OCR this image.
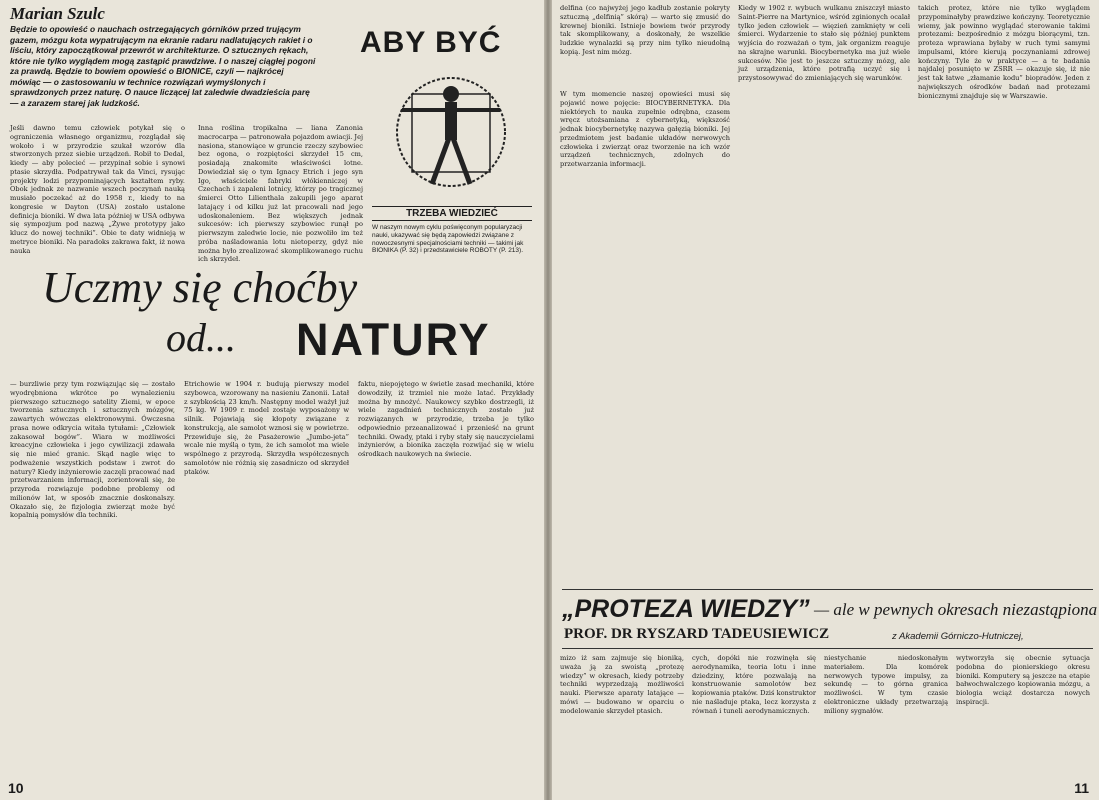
Marian Szulc
Będzie to opowieść o nauchach ostrzegających górników przed trującym gazem, mózgu kota wypatrującym na ekranie radaru nadlatujących rakiet i o liściu, który zapoczątkował przewrót w architekturze. O sztucznych rękach, które nie tylko wyglądem mogą zastąpić prawdziwe. I o naszej ciągłej pogoni za prawdą. Będzie to bowiem opowieść o BIONICE, czyli — najkrócej mówiąc — o zastosowaniu w technice rozwiązań wymyślonych i sprawdzonych przez naturę. O nauce liczącej lat zaledwie dwadzieścia parę — a zarazem starej jak ludzkość.
ABY BYĆ
TRZEBA WIEDZIEĆ
W naszym nowym cyklu poświęconym popularyzacji nauki, ukazywać się będą zapowiedzi związane z nowoczesnymi specjalnościami techniki — takimi jak BIONIKA (P. 32) i przedstawiciele ROBOTY (P. 213).
Jeśli dawno temu człowiek potykał się o ograniczenia własnego organizmu, rozglądał się wokoło i w przyrodzie szukał wzorów dla stworzonych przez siebie urządzeń. Robił to Dedal, kiedy — aby polecieć — przypinał sobie i synowi ptasie skrzydła. Podpatrywał tak da Vinci, rysując projekty lodzi przypominających kształtem ryby. Obok jednak ze nazwanie wszech poczynań nauką musiało poczekać aż do 1958 r., kiedy to na kongresie w Dayton (USA) zostało ustalone definicja bioniki. W dwa lata później w USA odbywa się sympozjum pod nazwą „Żywe prototypy jako klucz do nowej techniki”. Obie te daty widnieją w metryce bioniki. Na paradoks zakrawa fakt, iż nowa nauka
Inna roślina tropikalna — liana Zanonia macrocarpa — patronowała pojazdom awiacji. Jej nasiona, stanowiące w gruncie rzeczy szybowiec bez ogona, o rozpiętości skrzydeł 15 cm, posiadają znakomite właściwości lotne. Dowiedział się o tym Ignacy Etrich i jego syn Igo, właściciele fabryki włókienniczej w Czechach i zapaleni lotnicy, którzy po tragicznej śmierci Otto Lilienthala zakupili jego aparat latający i od kilku już lat pracowali nad jego udoskonaleniem. Bez większych jednak sukcesów: ich pierwszy szybowiec runął po pierwszym zaledwie locie, nie pozwoliło im też próba naśladowania lotu nietoperzy, gdyż nie można było zrealizować skomplikowanego ruchu ich skrzydeł.
Uczmy się choćby
od... NATURY
— burzliwie przy tym rozwiązując się — zostało wyodrębniona wkrótce po wynalezieniu pierwszego sztucznego satelity Ziemi, w epoce tworzenia sztucznych i sztucznych mózgów, zawartych wówczas elektronowymi. Ówczesna prasa nowe odkrycia witała tytułami: „Człowiek zakasował bogów”. Wiara w możliwości kreacyjne człowieka i jego cywilizacji zdawała się nie mieć granic. Skąd nagle więc to podważenie wszystkich podstaw i zwrot do natury? Kiedy inżynierowie zaczęli pracować nad przetwarzaniem informacji, zorientowali się, że przyroda rozwiązuje podobne problemy od milionów lat, w sposób znacznie doskonalszy. Okazało się, że fizjologia zwierząt może być kopalnią pomysłów dla techniki.
Etrichowie w 1904 r. budują pierwszy model szybowca, wzorowany na nasieniu Zanonii. Latał z szybkością 23 km/h. Następny model ważył już 75 kg. W 1909 r. model zostaje wyposażony w silnik. Pojawiają się kłopoty związane z konstrukcją, ale samolot wznosi się w powietrze. Przewiduje się, że Pasażerowie „Jumbo-jeta” wcale nie myślą o tym, że ich samolot ma wiele wspólnego z przyrodą. Skrzydła współczesnych samolotów nie różnią się zasadniczo od skrzydeł ptaków.
faktu, niepojętego w świetle zasad mechaniki, które dowodziły, iż trzmiel nie może latać. Przykłady można by mnożyć. Naukowcy szybko dostrzegli, iż wiele zagadnień technicznych zostało już rozwiązanych w przyrodzie, trzeba je tylko odpowiednio przeanalizować i przenieść na grunt techniki. Owady, ptaki i ryby stały się nauczycielami inżynierów, a bionika zaczęła rozwijać się w wielu ośrodkach naukowych na świecie.
10
delfina (co najwyżej jego kadłub zostanie pokryty sztuczną „delfinią” skórą) — warto się zmusić do krewnej bioniki. Istnieje bowiem twór przyrody tak skomplikowany, a doskonały, że wszelkie ludzkie wynalazki są przy nim tylko nieudolną kopią. Jest nim mózg.
W tym momencie naszej opowieści musi się pojawić nowe pojęcie: BIOCYBERNETYKA. Dla niektórych to nauka zupełnie odrębna, czasem wręcz utożsamiana z cybernetyką, większość jednak biocybernetykę nazywa gałęzią bioniki. Jej przedmiotem jest badanie układów nerwowych człowieka i zwierząt oraz tworzenie na ich wzór urządzeń technicznych, zdolnych do przetwarzania informacji.
Kiedy w 1902 r. wybuch wulkanu zniszczył miasto Saint-Pierre na Martynice, wśród zginionych ocalał tylko jeden człowiek — więzień zamknięty w celi śmierci. Wydarzenie to stało się później punktem wyjścia do rozważań o tym, jak organizm reaguje na skrajne warunki. Biocybernetyka ma już wiele sukcesów. Nie jest to jeszcze sztuczny mózg, ale już urządzenia, które potrafią uczyć się i przystosowywać do zmieniających się warunków.
takich protez, które nie tylko wyglądem przypominałyby prawdziwe kończyny. Teoretycznie wiemy, jak powinno wyglądać sterowanie takimi protezami: bezpośrednio z mózgu biorącymi, tzn. proteza wprawiana byłaby w ruch tymi samymi impulsami, które kierują poczynaniami zdrowej kończyny. Tyle że w praktyce — a te badania najdalej posunięto w ZSRR — okazuje się, iż nie jest tak łatwe „złamanie kodu” biopradów. Jeden z największych ośrodków badań nad protezami bionicznymi znajduje się w Warszawie.
„PROTEZA WIEDZY” — ale w pewnych okresach niezastąpiona
PROF. DR RYSZARD TADEUSIEWICZ	z Akademii Górniczo-Hutniczej,
mizo iż sam zajmuje się bioniką, uważa ją za swoistą „protezę wiedzy” w okresach, kiedy potrzeby techniki wyprzedzają możliwości nauki. Pierwsze aparaty latające — mówi — budowano w oparciu o modelowanie skrzydeł ptasich.
cych, dopóki nie rozwinęła się aerodynamika, teoria lotu i inne dziedziny, które pozwalają na konstruowanie samolotów bez kopiowania ptaków. Dziś konstruktor nie naśladuje ptaka, lecz korzysta z równań i tuneli aerodynamicznych.
niestychanie niedoskonałym materiałem. Dla komórek nerwowych typowe impulsy, za sekundę — to górna granica możliwości. W tym czasie elektroniczne układy przetwarzają miliony sygnałów.
wytworzyła się obecnie sytuacja podobna do pionierskiego okresu bioniki. Komputery są jeszcze na etapie bałwochwalczego kopiowania mózgu, a biologia wciąż dostarcza nowych inspiracji.
11
